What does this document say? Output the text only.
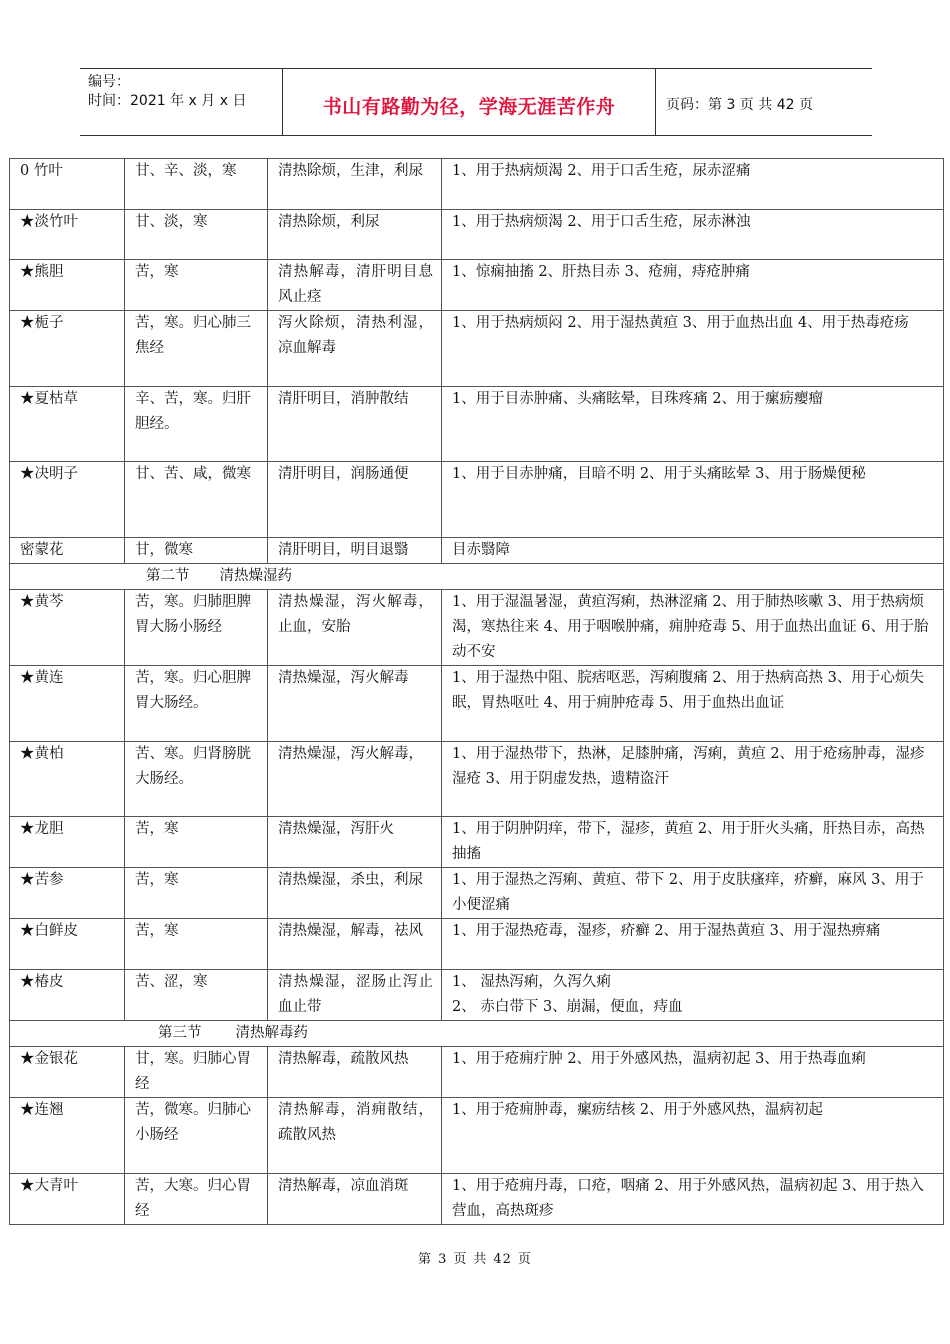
编号：
时间：2021 年 x 月 x 日	书山有路勤为径，学海无涯苦作舟	页码：第 3 页 共 42 页
0 竹叶	甘、辛、淡，寒	清热除烦，生津，利尿	1、用于热病烦渴 2、用于口舌生疮，尿赤涩痛
★淡竹叶	甘、淡，寒	清热除烦，利尿	1、用于热病烦渴 2、用于口舌生疮，尿赤淋浊
★熊胆	苦，寒	清热解毒，清肝明目息风止痉	1、惊痫抽搐 2、肝热目赤 3、疮痈，痔疮肿痛
★栀子	苦，寒。归心肺三焦经	泻火除烦，清热利湿，凉血解毒	1、用于热病烦闷 2、用于湿热黄疸 3、用于血热出血 4、用于热毒疮疡
★夏枯草	辛、苦，寒。归肝胆经。	清肝明目，消肿散结	1、用于目赤肿痛、头痛眩晕，目珠疼痛 2、用于瘰疬瘿瘤
★决明子	甘、苦、咸，微寒	清肝明目，润肠通便	1、用于目赤肿痛，目暗不明 2、用于头痛眩晕 3、用于肠燥便秘
密蒙花	甘，微寒	清肝明目，明目退翳	目赤翳障
第二节 清热燥湿药			
★黄芩	苦，寒。归肺胆脾胃大肠小肠经	清热燥湿，泻火解毒，止血，安胎	1、用于湿温暑湿，黄疸泻痢，热淋涩痛 2、用于肺热咳嗽 3、用于热病烦渴，寒热往来 4、用于咽喉肿痛，痈肿疮毒 5、用于血热出血证 6、用于胎动不安
★黄连	苦，寒。归心胆脾胃大肠经。	清热燥湿，泻火解毒	1、用于湿热中阻、脘痞呕恶，泻痢腹痛 2、用于热病高热 3、用于心烦失眠，胃热呕吐 4、用于痈肿疮毒 5、用于血热出血证
★黄柏	苦、寒。归肾膀胱大肠经。	清热燥湿，泻火解毒，	1、用于湿热带下，热淋，足膝肿痛，泻痢，黄疸 2、用于疮疡肿毒，湿疹湿疮 3、用于阴虚发热，遗精盗汗
★龙胆	苦，寒	清热燥湿，泻肝火	1、用于阴肿阴痒，带下，湿疹，黄疸 2、用于肝火头痛，肝热目赤，高热抽搐
★苦参	苦，寒	清热燥湿，杀虫，利尿	1、用于湿热之泻痢、黄疸、带下 2、用于皮肤瘙痒，疥癣，麻风 3、用于小便涩痛
★白鲜皮	苦，寒	清热燥湿，解毒，祛风	1、用于湿热疮毒，湿疹，疥癣 2、用于湿热黄疸 3、用于湿热痹痛
★椿皮	苦、涩，寒	清热燥湿，涩肠止泻止血止带	1、 湿热泻痢，久泻久痢
2、 赤白带下 3、崩漏，便血，痔血
第三节 清热解毒药			
★金银花	甘，寒。归肺心胃经	清热解毒，疏散风热	1、用于疮痈疔肿 2、用于外感风热，温病初起 3、用于热毒血痢
★连翘	苦，微寒。归肺心小肠经	清热解毒，消痈散结，疏散风热	1、用于疮痈肿毒，瘰疬结核 2、用于外感风热，温病初起
★大青叶	苦，大寒。归心胃经	清热解毒，凉血消斑	1、用于疮痈丹毒，口疮，咽痛 2、用于外感风热，温病初起 3、用于热入营血，高热斑疹
第 3 页 共 42 页
